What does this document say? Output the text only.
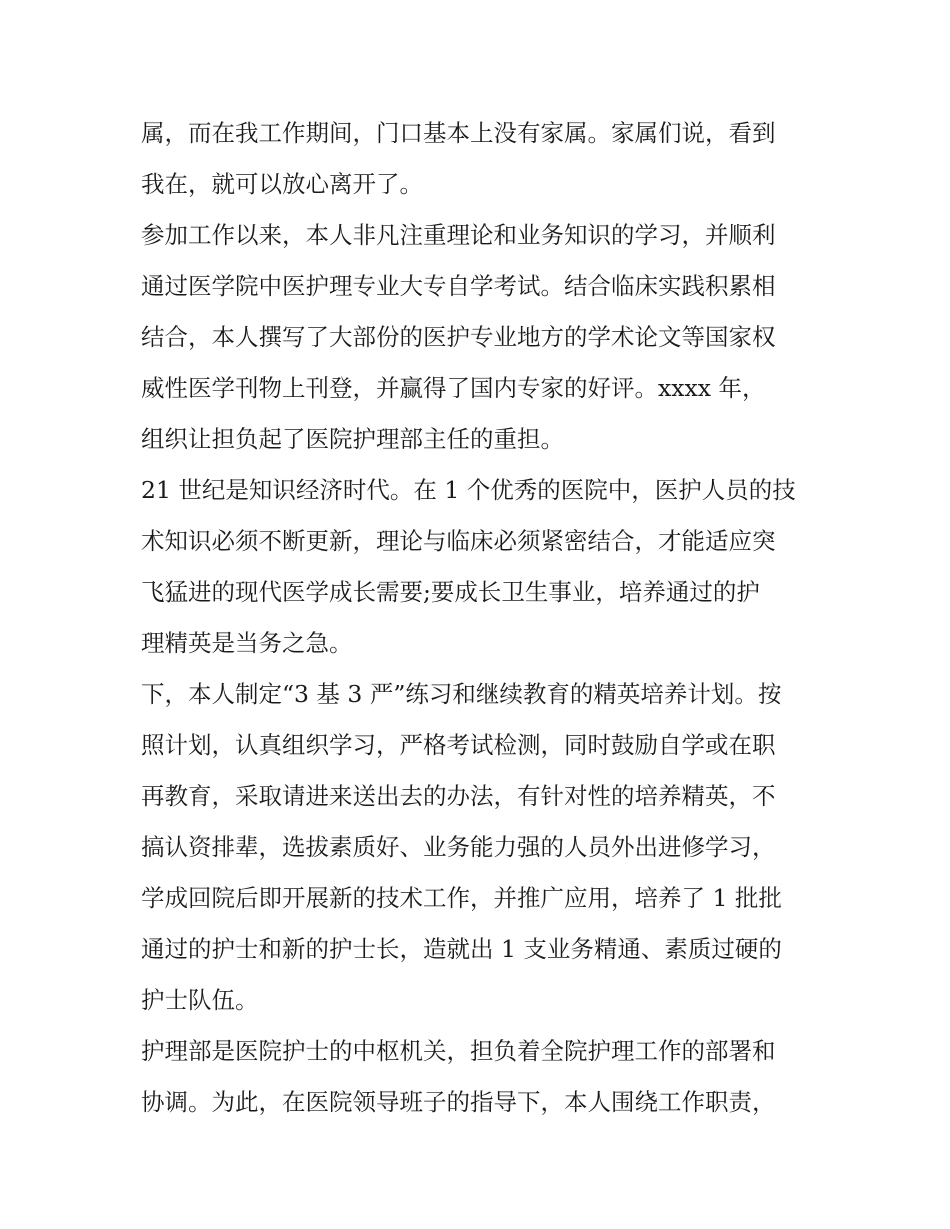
属，而在我工作期间，门口基本上没有家属。家属们说，看到
我在，就可以放心离开了。
参加工作以来，本人非凡注重理论和业务知识的学习，并顺利
通过医学院中医护理专业大专自学考试。结合临床实践积累相
结合，本人撰写了大部份的医护专业地方的学术论文等国家权
威性医学刊物上刊登，并赢得了国内专家的好评。xxxx 年，
组织让担负起了医院护理部主任的重担。
21 世纪是知识经济时代。在 1 个优秀的医院中，医护人员的技
术知识必须不断更新，理论与临床必须紧密结合，才能适应突
飞猛进的现代医学成长需要;要成长卫生事业，培养通过的护
理精英是当务之急。
下，本人制定“3 基 3 严”练习和继续教育的精英培养计划。按
照计划，认真组织学习，严格考试检测，同时鼓励自学或在职
再教育，采取请进来送出去的办法，有针对性的培养精英，不
搞认资排辈，选拔素质好、业务能力强的人员外出进修学习，
学成回院后即开展新的技术工作，并推广应用，培养了 1 批批
通过的护士和新的护士长，造就出 1 支业务精通、素质过硬的
护士队伍。
护理部是医院护士的中枢机关，担负着全院护理工作的部署和
协调。为此，在医院领导班子的指导下，本人围绕工作职责，
